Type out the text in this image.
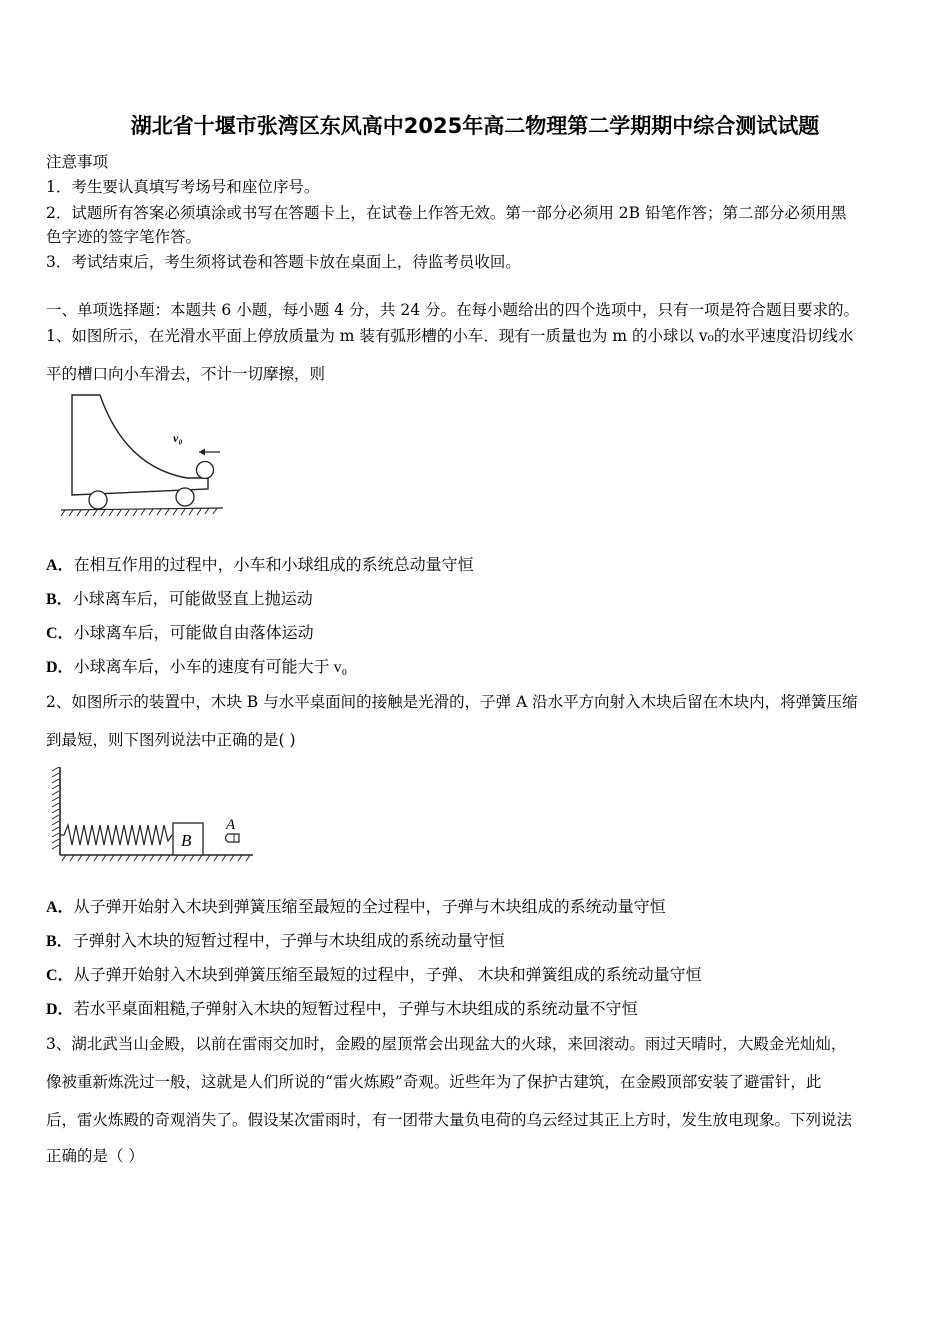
湖北省十堰市张湾区东风高中2025年高二物理第二学期期中综合测试试题
注意事项
1．考生要认真填写考场号和座位序号。
2．试题所有答案必须填涂或书写在答题卡上，在试卷上作答无效。第一部分必须用 2B 铅笔作答；第二部分必须用黑
色字迹的签字笔作答。
3．考试结束后，考生须将试卷和答题卡放在桌面上，待监考员收回。
一、单项选择题：本题共 6 小题，每小题 4 分，共 24 分。在每小题给出的四个选项中，只有一项是符合题目要求的。
1、如图所示，在光滑水平面上停放质量为 m 装有弧形槽的小车．现有一质量也为 m 的小球以 v₀的水平速度沿切线水
平的槽口向小车滑去，不计一切摩擦，则
v₀
A．在相互作用的过程中，小车和小球组成的系统总动量守恒
B．小球离车后，可能做竖直上抛运动
C．小球离车后，可能做自由落体运动
D．小球离车后，小车的速度有可能大于 v₀
2、如图所示的装置中，木块 B 与水平桌面间的接触是光滑的，子弹 A 沿水平方向射入木块后留在木块内，将弹簧压缩
到最短，则下图列说法中正确的是( )
B
A
A．从子弹开始射入木块到弹簧压缩至最短的全过程中，子弹与木块组成的系统动量守恒
B．子弹射入木块的短暂过程中，子弹与木块组成的系统动量守恒
C．从子弹开始射入木块到弹簧压缩至最短的过程中，子弹、 木块和弹簧组成的系统动量守恒
D．若水平桌面粗糙,子弹射入木块的短暂过程中，子弹与木块组成的系统动量不守恒
3、湖北武当山金殿，以前在雷雨交加时，金殿的屋顶常会出现盆大的火球，来回滚动。雨过天晴时，大殿金光灿灿，
像被重新炼洗过一般，这就是人们所说的“雷火炼殿”奇观。近些年为了保护古建筑，在金殿顶部安装了避雷针，此
后，雷火炼殿的奇观消失了。假设某次雷雨时，有一团带大量负电荷的乌云经过其正上方时，发生放电现象。下列说法
正确的是（ ）
